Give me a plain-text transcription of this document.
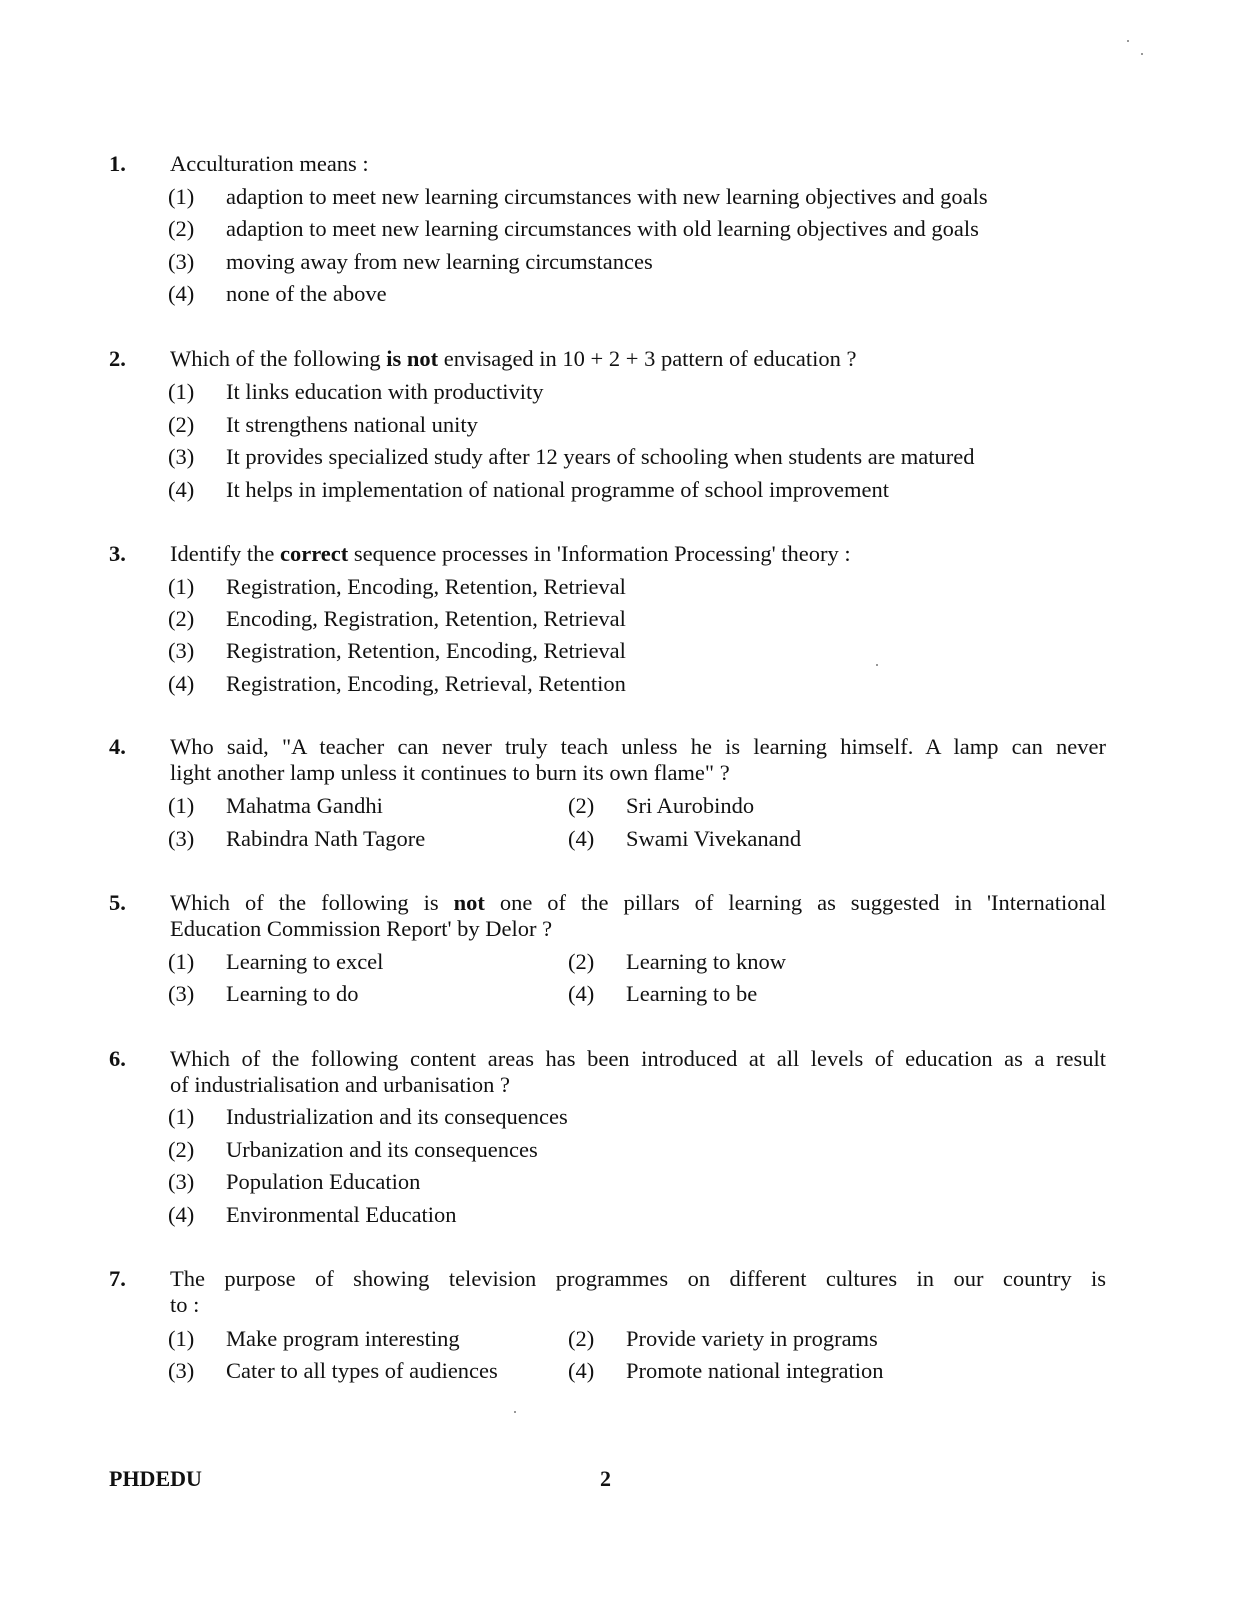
1. Acculturation means :
(1) adaption to meet new learning circumstances with new learning objectives and goals
(2) adaption to meet new learning circumstances with old learning objectives and goals
(3) moving away from new learning circumstances
(4) none of the above
2. Which of the following is not envisaged in 10 + 2 + 3 pattern of education ?
(1) It links education with productivity
(2) It strengthens national unity
(3) It provides specialized study after 12 years of schooling when students are matured
(4) It helps in implementation of national programme of school improvement
3. Identify the correct sequence processes in 'Information Processing' theory :
(1) Registration, Encoding, Retention, Retrieval
(2) Encoding, Registration, Retention, Retrieval
(3) Registration, Retention, Encoding, Retrieval
(4) Registration, Encoding, Retrieval, Retention
4. Who said, "A teacher can never truly teach unless he is learning himself. A lamp can never
light another lamp unless it continues to burn its own flame" ?
(1) Mahatma Gandhi	(2) Sri Aurobindo
(3) Rabindra Nath Tagore	(4) Swami Vivekanand
5. Which of the following is not one of the pillars of learning as suggested in 'International
Education Commission Report' by Delor ?
(1) Learning to excel	(2) Learning to know
(3) Learning to do	(4) Learning to be
6. Which of the following content areas has been introduced at all levels of education as a result
of industrialisation and urbanisation ?
(1) Industrialization and its consequences
(2) Urbanization and its consequences
(3) Population Education
(4) Environmental Education
7. The purpose of showing television programmes on different cultures in our country is
to :
(1) Make program interesting	(2) Provide variety in programs
(3) Cater to all types of audiences	(4) Promote national integration
PHDEDU	2
